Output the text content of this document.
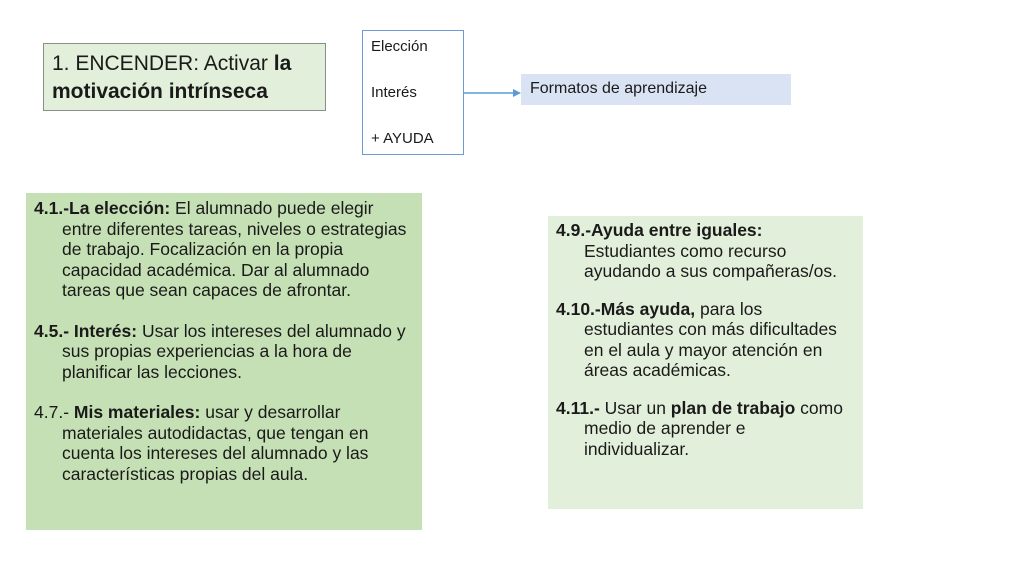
1. ENCENDER: Activar la motivación intrínseca
Elección
Interés
+ AYUDA
Formatos de aprendizaje
4.1.-La elección: El alumnado puede elegir entre diferentes tareas, niveles o estrategias de trabajo. Focalización en la propia capacidad académica. Dar al alumnado tareas que sean capaces de afrontar.
4.5.- Interés: Usar los intereses del alumnado y sus propias experiencias a la hora de planificar las lecciones.
4.7.- Mis materiales: usar y desarrollar materiales autodidactas, que tengan en cuenta los intereses del alumnado y las características propias del aula.
4.9.-Ayuda entre iguales: Estudiantes como recurso ayudando a sus compañeras/os.
4.10.-Más ayuda, para los estudiantes con más dificultades en el aula y mayor atención en áreas académicas.
4.11.- Usar un plan de trabajo como medio de aprender e individualizar.
